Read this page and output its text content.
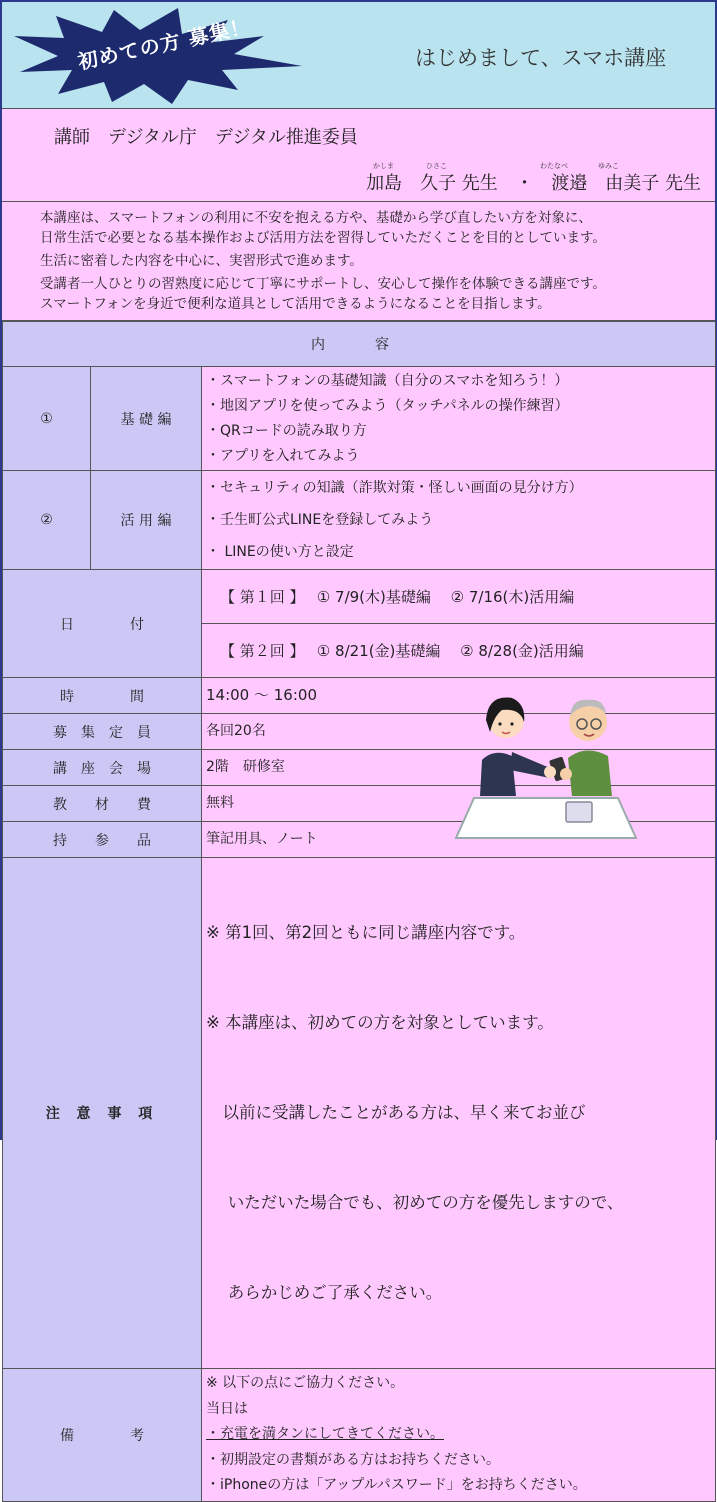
初めての方 募集！	はじめまして、スマホ講座
講師　デジタル庁　デジタル推進委員
かしま	ひさこ	わたなべ	ゆみこ
加島　久子 先生 ・ 渡邉　由美子 先生

本講座は、スマートフォンの利用に不安を抱える方や、基礎から学び直したい方を対象に、

日常生活で必要となる基本操作および活用方法を習得していただくことを目的としています。

生活に密着した内容を中心に、実習形式で進めます。

受講者一人ひとりの習熟度に応じて丁寧にサポートし、安心して操作を体験できる講座です。

スマートフォンを身近で便利な道具として活用できるようになることを目指します。

内　容		
①	基 礎 編	・スマートフォンの基礎知識（自分のスマホを知ろう！）
・地図アプリを使ってみよう（タッチパネルの操作練習）
・QRコードの読み取り方
・アプリを入れてみよう

②	活 用 編	・セキュリティの知識（詐欺対策・怪しい画面の見分け方）
・壬生町公式LINEを登録してみよう
・ LINEの使い方と設定

日　　　　付		【 第１回 】　 ① 7/9(木)基礎編　 ② 7/16(木)活用編
		【 第２回 】　 ① 8/21(金)基礎編　 ② 8/28(金)活用編
時　　　　間		14:00 ～ 16:00
募　集　定　員		各回20名
講　座　会　場		2階　研修室
教　　材　　費		無料
持　　参　　品		筆記用具、ノート
注 意 事 項		※ 第1回、第2回ともに同じ講座内容です。

※ 本講座は、初めての方を対象としています。

　以前に受講したことがある方は、早く来てお並び

　 いただいた場合でも、初めての方を優先しますので、

　 あらかじめご了承ください。

備　　　　考		※ 以下の点にご協力ください。
当日は
・充電を満タンにしてきてください。
・初期設定の書類がある方はお持ちください。
・iPhoneの方は「アップルパスワード」をお持ちください。
